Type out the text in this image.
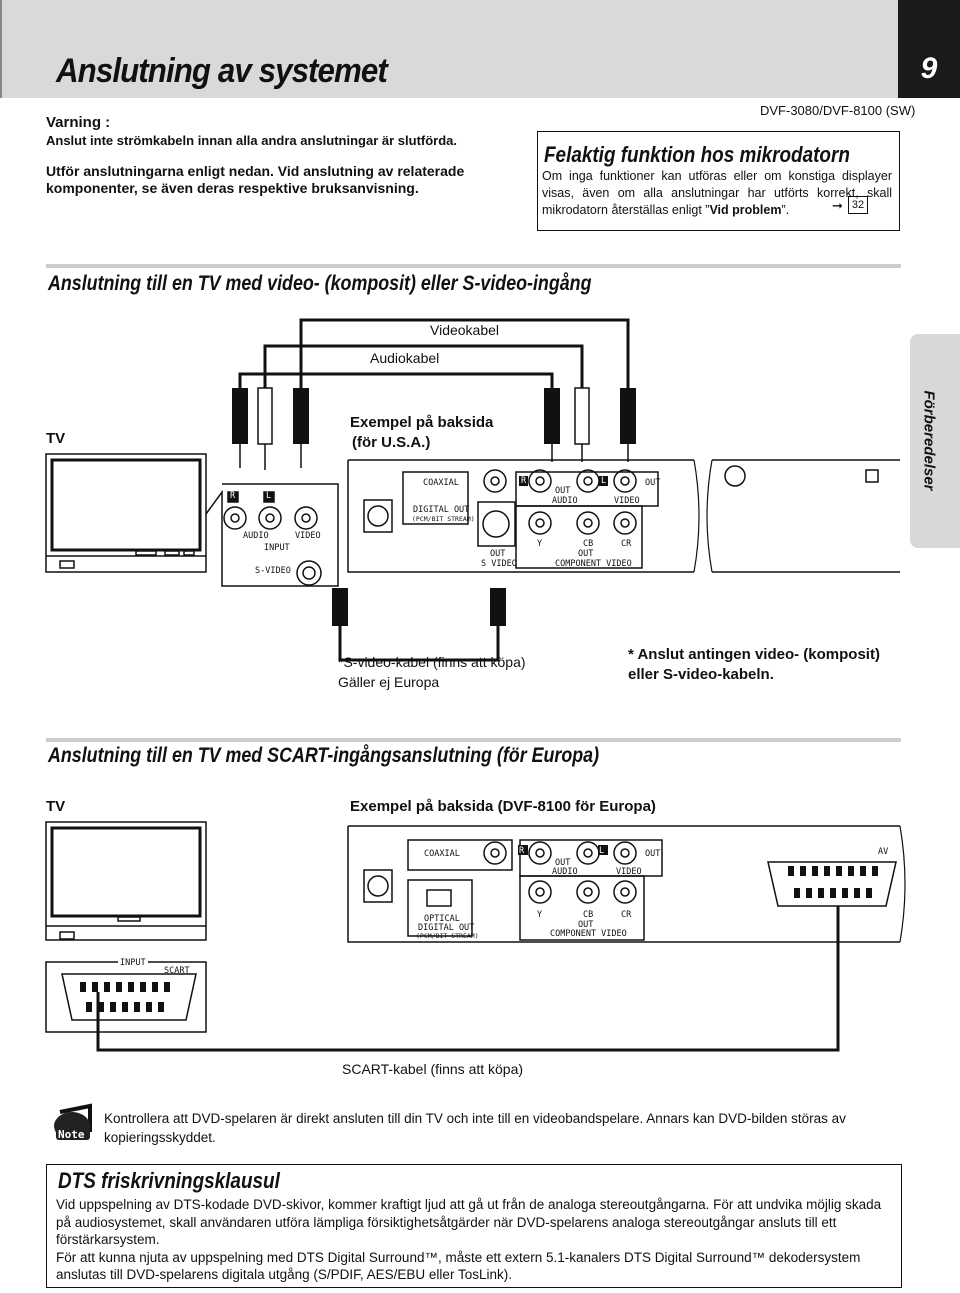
Anslutning av systemet	9
DVF-3080/DVF-8100 (SW)
Varning :
Anslut inte strömkabeln innan alla andra anslutningar är slutförda.
Utför anslutningarna enligt nedan. Vid anslutning av relaterade komponenter, se även deras respektive bruksanvisning.
Felaktig funktion hos mikrodatorn
Om inga funktioner kan utföras eller om konstiga displayer visas, även om alla anslutningar har utförts korrekt, skall mikrodatorn återställas enligt ”Vid problem”.	➞ 32
Förberedelser
Anslutning till en TV med video- (komposit) eller S-video-ingång
Videokabel
Audiokabel
TV
Exempel på baksida
(för U.S.A.)
R	L
AUDIO	VIDEO
INPUT
S-VIDEO
COAXIAL
DIGITAL OUT
(PCM/BIT STREAM)
R	L
OUT
AUDIO
OUT
VIDEO
OUT
S VIDEO
Y	CB	CR
OUT
COMPONENT VIDEO
*S-video-kabel (finns att köpa)
Gäller ej Europa
* Anslut antingen video- (komposit) eller S-video-kabeln.
Anslutning till en TV med SCART-ingångsanslutning (för Europa)
TV	Exempel på baksida (DVF-8100 för Europa)
COAXIAL	R	L
OUT
AUDIO
OUT
VIDEO
AV
OPTICAL
DIGITAL OUT
(PCM/BIT STREAM)
Y	CB	CR
OUT
COMPONENT VIDEO
INPUT
SCART
SCART-kabel (finns att köpa)
Note
Kontrollera att DVD-spelaren är direkt ansluten till din TV och inte till en videobandspelare. Annars kan DVD-bilden störas av kopieringsskyddet.
DTS friskrivningsklausul
Vid uppspelning av DTS-kodade DVD-skivor, kommer kraftigt ljud att gå ut från de analoga stereoutgångarna. För att undvika möjlig skada på audiosystemet, skall användaren utföra lämpliga försiktighetsåtgärder när DVD-spelarens analoga stereoutgångar ansluts till ett förstärkarsystem.
För att kunna njuta av uppspelning med DTS Digital Surround™, måste ett extern 5.1-kanalers DTS Digital Surround™ dekodersystem anslutas till DVD-spelarens digitala utgång (S/PDIF, AES/EBU eller TosLink).
